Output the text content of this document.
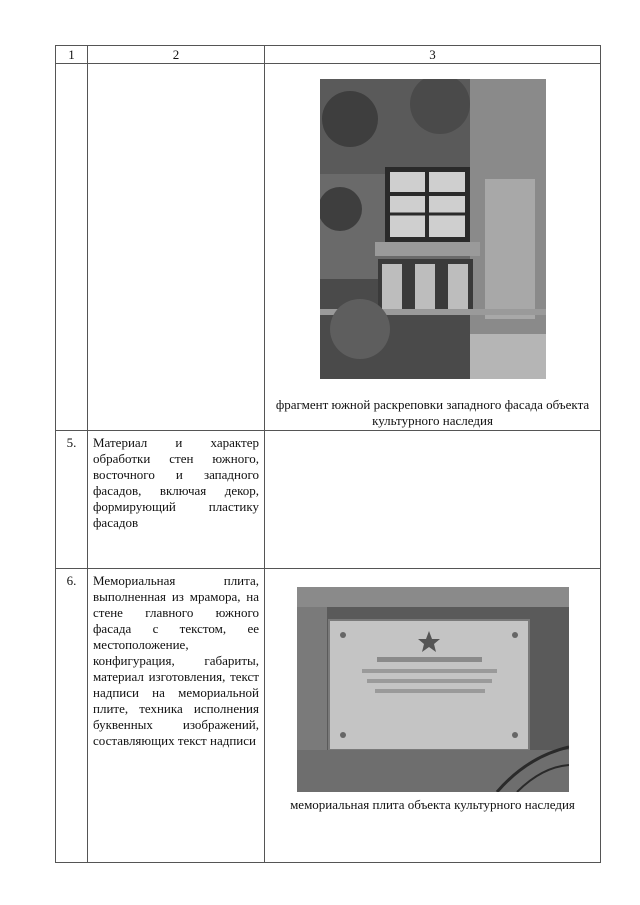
1	2	3

		фрагмент южной раскреповки западного фасада объекта культурного наследия

5.	Материал и характер обработки стен южного, восточного и западного фасадов, включая декор, формирующий пластику фасадов	
6.	Мемориальная плита, выполненная из мрамора, на стене главного южного фасада с текстом, ее местоположение, конфигурация, габариты, материал изготовления, текст надписи на мемориальной плите, техника исполнения буквенных изображений, составляющих текст надписи	мемориальная плита объекта культурного наследия
